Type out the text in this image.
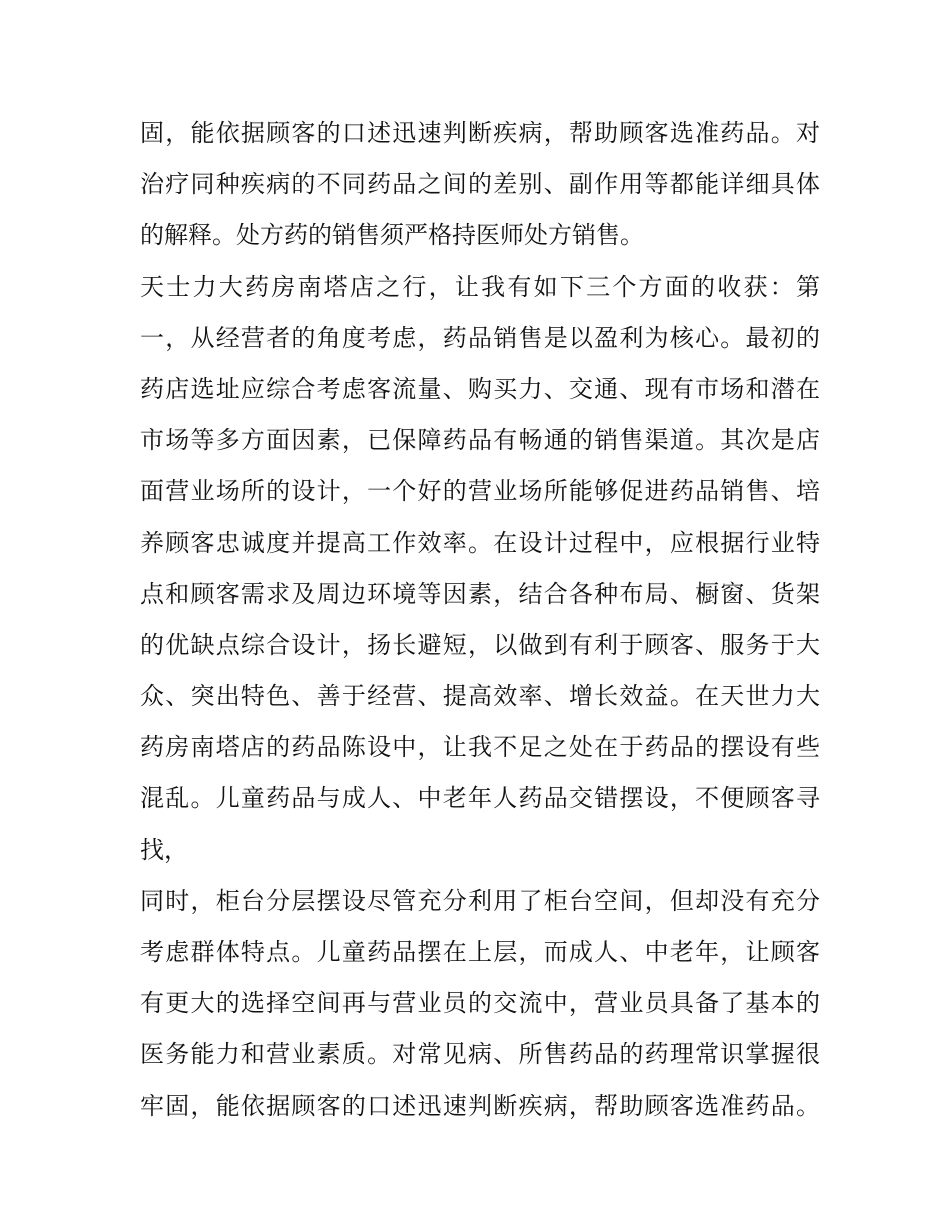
固，能依据顾客的口述迅速判断疾病，帮助顾客选准药品。对
治疗同种疾病的不同药品之间的差别、副作用等都能详细具体
的解释。处方药的销售须严格持医师处方销售。
天士力大药房南塔店之行，让我有如下三个方面的收获：第
一，从经营者的角度考虑，药品销售是以盈利为核心。最初的
药店选址应综合考虑客流量、购买力、交通、现有市场和潜在
市场等多方面因素，已保障药品有畅通的销售渠道。其次是店
面营业场所的设计，一个好的营业场所能够促进药品销售、培
养顾客忠诚度并提高工作效率。在设计过程中，应根据行业特
点和顾客需求及周边环境等因素，结合各种布局、橱窗、货架
的优缺点综合设计，扬长避短，以做到有利于顾客、服务于大
众、突出特色、善于经营、提高效率、增长效益。在天世力大
药房南塔店的药品陈设中，让我不足之处在于药品的摆设有些
混乱。儿童药品与成人、中老年人药品交错摆设，不便顾客寻
找，
同时，柜台分层摆设尽管充分利用了柜台空间，但却没有充分
考虑群体特点。儿童药品摆在上层，而成人、中老年，让顾客
有更大的选择空间再与营业员的交流中，营业员具备了基本的
医务能力和营业素质。对常见病、所售药品的药理常识掌握很
牢固，能依据顾客的口述迅速判断疾病，帮助顾客选准药品。
